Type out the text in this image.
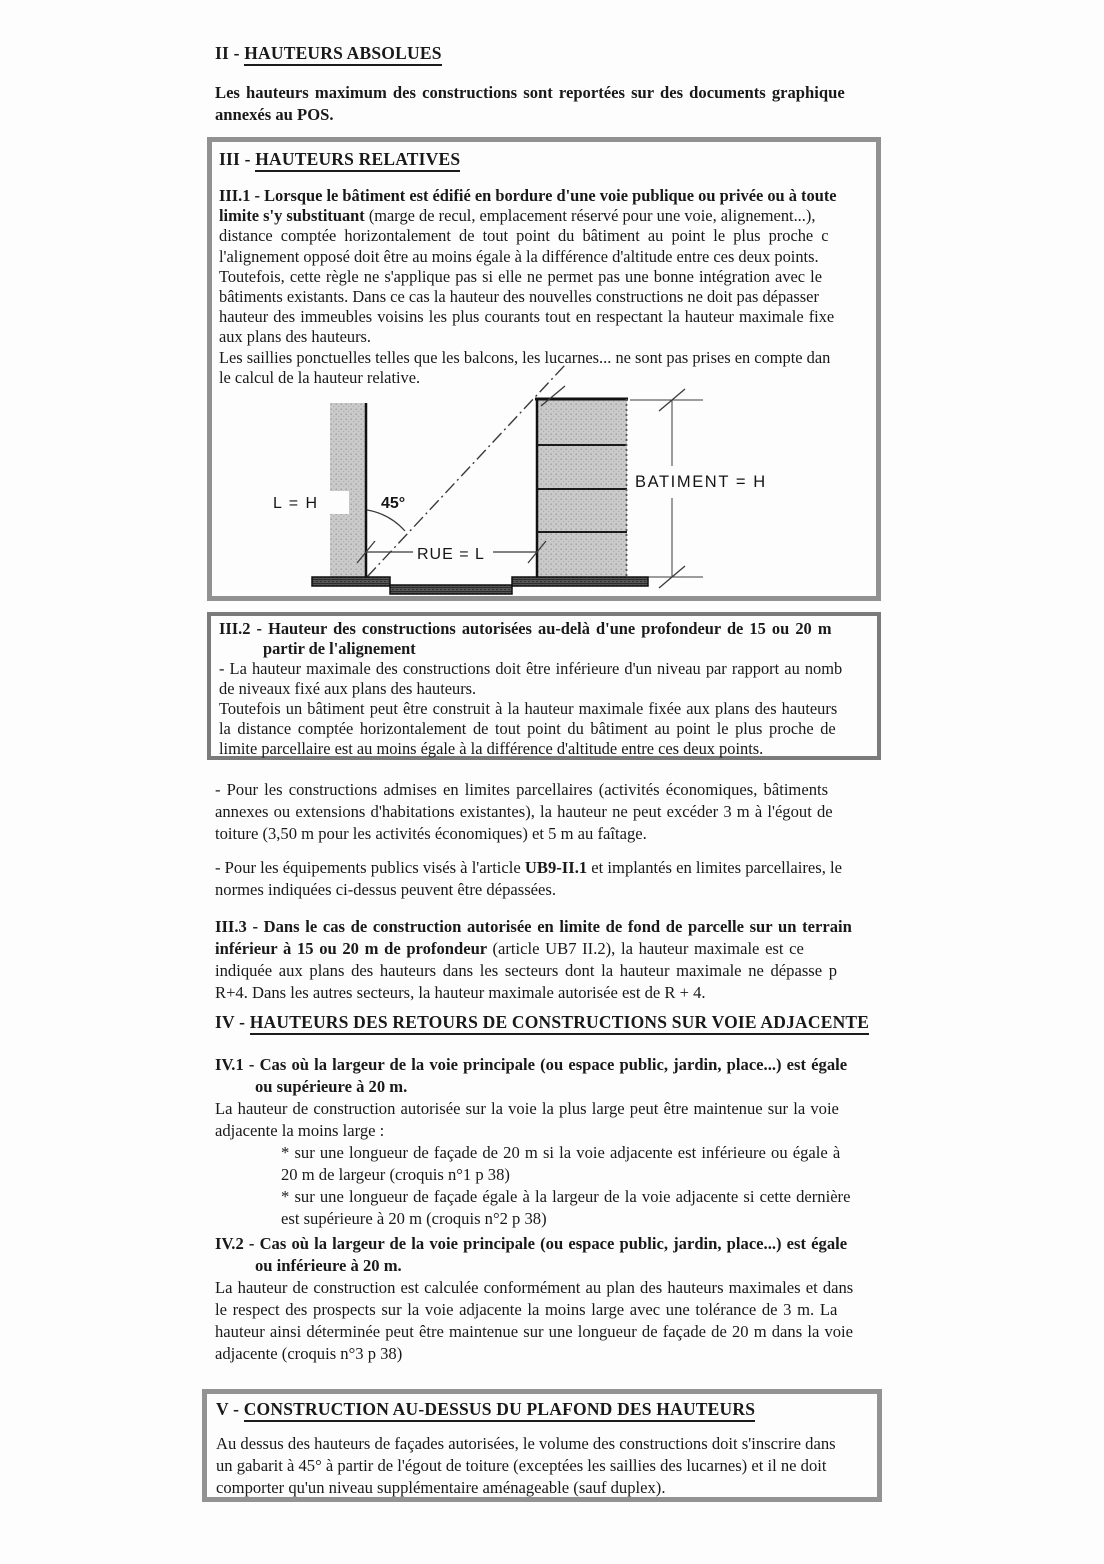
II - HAUTEURS ABSOLUES
Les hauteurs maximum des constructions sont reportées sur des documents graphique
annexés au POS.
III - HAUTEURS RELATIVES
III.1 - Lorsque le bâtiment est édifié en bordure d'une voie publique ou privée ou à toute
limite s'y substituant (marge de recul, emplacement réservé pour une voie, alignement...),
distance comptée horizontalement de tout point du bâtiment au point le plus proche c
l'alignement opposé doit être au moins égale à la différence d'altitude entre ces deux points.
Toutefois, cette règle ne s'applique pas si elle ne permet pas une bonne intégration avec le
bâtiments existants. Dans ce cas la hauteur des nouvelles constructions ne doit pas dépasser
hauteur des immeubles voisins les plus courants tout en respectant la hauteur maximale fixe
aux plans des hauteurs.
Les saillies ponctuelles telles que les balcons, les lucarnes... ne sont pas prises en compte dan
le calcul de la hauteur relative.
RUE = L
BATIMENT = H
L = H	45°
III.2 - Hauteur des constructions autorisées au-delà d'une profondeur de 15 ou 20 m
partir de l'alignement
- La hauteur maximale des constructions doit être inférieure d'un niveau par rapport au nomb
de niveaux fixé aux plans des hauteurs.
Toutefois un bâtiment peut être construit à la hauteur maximale fixée aux plans des hauteurs
la distance comptée horizontalement de tout point du bâtiment au point le plus proche de
limite parcellaire est au moins égale à la différence d'altitude entre ces deux points.
- Pour les constructions admises en limites parcellaires (activités économiques, bâtiments
annexes ou extensions d'habitations existantes), la hauteur ne peut excéder 3 m à l'égout de
toiture (3,50 m pour les activités économiques) et 5 m au faîtage.
- Pour les équipements publics visés à l'article UB9-II.1 et implantés en limites parcellaires, le
normes indiquées ci-dessus peuvent être dépassées.
III.3 - Dans le cas de construction autorisée en limite de fond de parcelle sur un terrain
inférieur à 15 ou 20 m de profondeur (article UB7 II.2), la hauteur maximale est ce
indiquée aux plans des hauteurs dans les secteurs dont la hauteur maximale ne dépasse p
R+4. Dans les autres secteurs, la hauteur maximale autorisée est de R + 4.
IV - HAUTEURS DES RETOURS DE CONSTRUCTIONS SUR VOIE ADJACENTE
IV.1 - Cas où la largeur de la voie principale (ou espace public, jardin, place...) est égale
ou supérieure à 20 m.
La hauteur de construction autorisée sur la voie la plus large peut être maintenue sur la voie
adjacente la moins large :
* sur une longueur de façade de 20 m si la voie adjacente est inférieure ou égale à
20 m de largeur (croquis n°1 p 38)
* sur une longueur de façade égale à la largeur de la voie adjacente si cette dernière
est supérieure à 20 m (croquis n°2 p 38)
IV.2 - Cas où la largeur de la voie principale (ou espace public, jardin, place...) est égale
ou inférieure à 20 m.
La hauteur de construction est calculée conformément au plan des hauteurs maximales et dans
le respect des prospects sur la voie adjacente la moins large avec une tolérance de 3 m. La
hauteur ainsi déterminée peut être maintenue sur une longueur de façade de 20 m dans la voie
adjacente (croquis n°3 p 38)
V - CONSTRUCTION AU-DESSUS DU PLAFOND DES HAUTEURS
Au dessus des hauteurs de façades autorisées, le volume des constructions doit s'inscrire dans
un gabarit à 45° à partir de l'égout de toiture (exceptées les saillies des lucarnes) et il ne doit
comporter qu'un niveau supplémentaire aménageable (sauf duplex).
